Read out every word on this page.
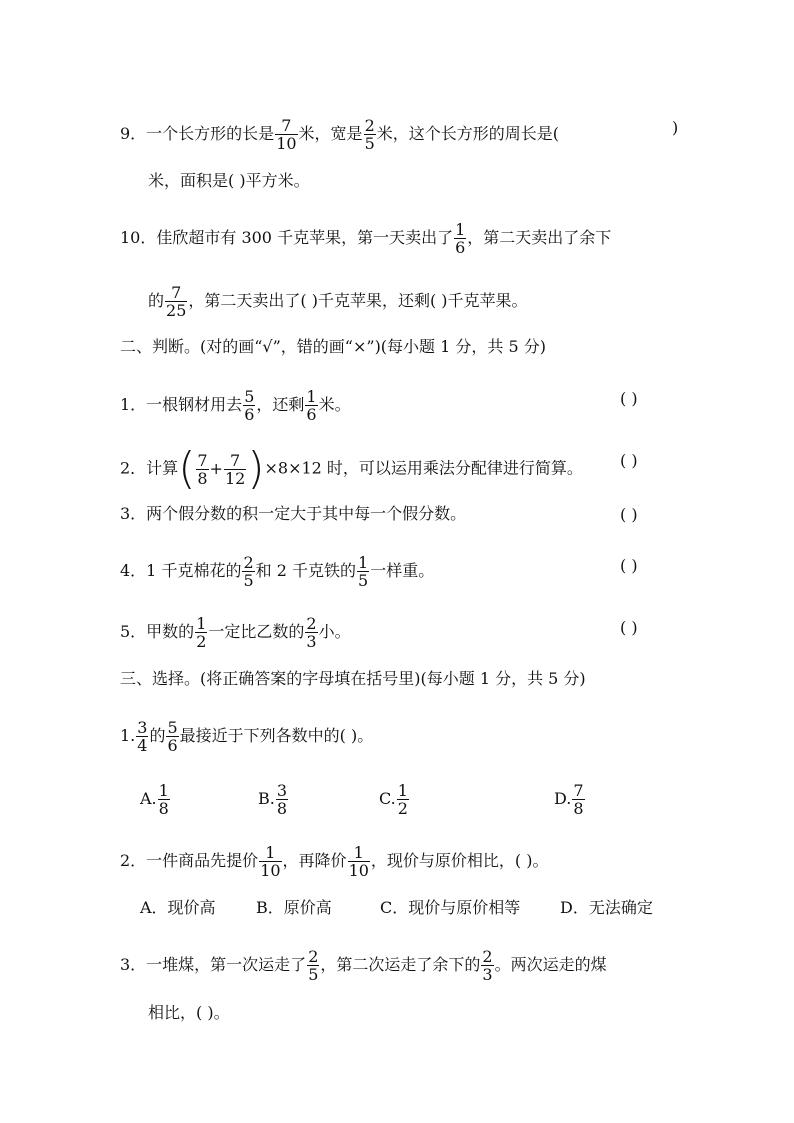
9．一个长方形的长是 $\frac{7}{10}$ 米，宽是 $\frac{2}{5}$ 米，这个长方形的周长是(	)
米，面积是( )平方米。
10．佳欣超市有 300 千克苹果，第一天卖出了 $\frac{1}{6}$ ，第二天卖出了余下
的 $\frac{7}{25}$ ，第二天卖出了( )千克苹果，还剩( )千克苹果。
二、判断。(对的画“√”，错的画“×”)(每小题 1 分，共 5 分)
1．一根钢材用去 $\frac{5}{6}$ ，还剩 $\frac{1}{6}$ 米。	( )
2．计算( $\frac{7}{8} + \frac{7}{12} )\times 8\times 12$ 时，可以运用乘法分配律进行简算。 ( )
3．两个假分数的积一定大于其中每一个假分数。	( )
4．1 千克棉花的 $\frac{2}{5}$ 和 2 千克铁的 $\frac{1}{5}$ 一样重。	( )
5．甲数的 $\frac{1}{2}$ 一定比乙数的 $\frac{2}{3}$ 小。	( )
三、选择。(将正确答案的字母填在括号里)(每小题 1 分，共 5 分)
1. $\frac{3}{4}$ 的 $\frac{5}{6}$ 最接近于下列各数中的( )。
A. $\frac{1}{8}$	B. $\frac{3}{8}$	C. $\frac{1}{2}$	D. $\frac{7}{8}$
2．一件商品先提价 $\frac{1}{10}$ ，再降价 $\frac{1}{10}$ ，现价与原价相比，( )。
A．现价高	B．原价高	C．现价与原价相等 D．无法确定
3．一堆煤，第一次运走了 $\frac{2}{5}$ ，第二次运走了余下的 $\frac{2}{3}$ 。两次运走的煤
相比，( )。
